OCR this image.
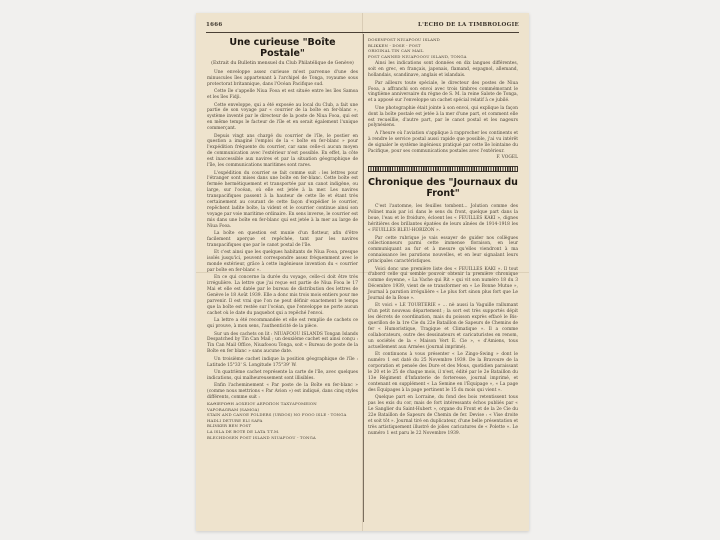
1666	L'ECHO DE LA TIMBROLOGIE
Une curieuse "Boîte Postale"
(Extrait du Bulletin mensuel du Club Philatélique de Genève)

Une enveloppe assez curieuse m'est parvenue d'une des minuscules îles appartenant à l'archipel de Tonga, royaume sous protectorat britannique, dans l'Océan Pacifique sud.

Cette île s'appelle Niua Fooa et est située entre les îles Samoa et les îles Fidji.

Cette enveloppe, qui a été exposée au local du Club, a fait une partie de son voyage par « courrier de la boîte en fer-blanc », système inventé par le directeur de la poste de Niua Fooa, qui est en même temps le facteur de l'île et en serait également l'unique commerçant.

Depuis vingt ans chargé du courrier de l'île, le postier en question a imaginé l'emploi de la « boîte en fer-blanc » pour l'expédition fréquente du courrier, car sans celle-ci aucun moyen de communication avec l'extérieur n'est possible. En effet, la côte est inaccessible aux navires et par la situation géographique de l'île, les communications maritimes sont rares.

L'expédition du courrier se fait comme suit : les lettres pour l'étranger sont mises dans une boîte en fer-blanc. Cette boîte est fermée hermétiquement et transportée par un canot indigène, ou large, sur l'océan, où elle est jetée à la mer. Les navires transpacifiques passent à la hauteur de cette île et étant très certainement au courant de cette façon d'expédier le courrier, repêchent ladite boîte, la vident et le courrier continue ainsi son voyage par voie maritime ordinaire. En sens inverse, le courrier est mis dans une boîte en fer-blanc qui est jetée à la mer au large de Niua Fooa.

La boîte en question est munie d'un flotteur, afin d'être facilement aperçue et repêchée, tant par les navires transpacifiques que par le canot postal de l'île.

Et c'est ainsi que les quelques habitants de Niua Fooa, presque isolés jusqu'ici, peuvent correspondre assez fréquemment avec le monde extérieur, grâce à cette ingénieuse invention du « courrier par boîte en fer-blanc ».

En ce qui concerne la durée du voyage, celle-ci doit être très irrégulière. La lettre que j'ai reçue est partie de Niua Fooa le 17 Mai et elle est datée par le bureau de distribution des lettres de Genève le 18 Août 1939. Elle a donc mis trois mois entiers pour me parvenir. Il est vrai que l'on ne peut définir exactement le temps que la boîte est restée sur l'océan, que l'enveloppe ne porte aucun cachet où le date du paquebot qui a repêché l'envoi.

La lettre a été recommandée et elle est remplie de cachets ce qui prouve, à mon sens, l'authenticité de la pièce.

Sur un des cachets on lit : NIUAFOOU ISLANDS Tongan Islands Despatched by Tin Can Mail ; un deuxième cachet est ainsi conçu : Tin Can Mail Office, Niuafooou Tonga, soit « Bureau de poste de la Boîte en fer blanc » sans aucune date.

Un troisième cachet indique la position géographique de l'île : Latitude 15°33' S. Longitude 175°39' W.

Un quatrième cachet représente la carte de l'île, avec quelques indications, qui malheureusement sont illisibles.

Enfin l'acheminement « Par poste de la Boîte en fer-blanc » (comme nous mettrions « Par Avion ») est indiqué, dans cinq styles différents, comme suit :

ΚΑΘΙΕΡΩΘΗ ΔΟΧΕΙΟΥ ΑΕΡΩΠΟΝ ΤΑΧΥΔΡΟΜΕΙΟΝ
VAPORAGRAM (SAMOA)
STAIN AND CANOE FOLDERS (URDOS) NO FOOO ISLE - TONGA
HADLI DETURE ELI SAPA
BLINKER BEN POST
LA ISLA DE BOTE DE LATA T.T.M.
BLECHDOSEN POST ISLAND NIUAFOOU - TONGA
DOSENPOST NIUAFOOU ISLAND
BLIKKEN - DOSE - POST
ORIGINAL TIN CAN MAIL
POST CANNED NIUAFOOOU ISLAND, TONGA

Ainsi les indications sont données en dix langues différentes, soit en grec, en français, japonais, flamand, espagnol, allemand, hollandais, scandinave, anglais et islandais.

Par ailleurs toute spéciale, le directeur des postes de Niua Fooa, a affranchi son envoi avec trois timbres commémorant le vingtième anniversaire du règne de S. M. la reine Salote de Tonga, et a apposé sur l'enveloppe un cachet spécial relatif à ce jubilé.

Une photographie était jointe à son envoi, qui explique la façon dont la boîte postale est jetée à la mer d'une part, et comment elle est recueillie, d'autre part, par le canot postal et les nageurs polynésiens.

A l'heure où l'aviation s'applique à rapprocher les continents et à rendre le service postal aussi rapide que possible, j'ai vu intérêt de signaler le système ingénieux pratiqué par cette île lointaine du Pacifique, pour ses communications postales avec l'extérieur.

F. VOGEL
Chronique des "Journaux du Front"

C'est l'automne, les feuilles tombent... Jolution comme des Polinet mais par ici dans le sens du front, quelque part dans la boue, l'eau et le froidure, écloent les « FEUILLES KAKI », dignes héritières des brillantes épatées de leurs aînées de 1914-1918 les « FEUILLES BLEU-HORIZON ».

Par cette rubrique je vais essayer de guider nos collègues collectionneurs parmi cette immense floraison, en leur communiquant au fur et à mesure qu'elles viendront à ma connaissance les parutions nouvelles, et en leur signalant leurs principales caractéristiques.

Voici donc une première liste des « FEUILLES KAKI ». Il tout d'abord celle qui semble pouvoir obtenir la première chronique comme doyenne, « La Vache qui Rit » qui vit son numéro 18 du 3 Décembre 1939, vient de se transformer en « Le Bonne Mutue », Journal à parution irrégulière « Le plus fort sinon plus fort que Le Journal de la Boue ».

Et voici « LE TOURTERIE » ... nè aussi la Vaguille rallumant d'un petit nouveau département ; la sort est très supportés dépit les décrets de coordination, mais du poisson exprès effacé le Bis-querillon de la 1re Cie du 22e Bataillon de Sapeurs de Chemins de fer « Humoristique, Tragique et Climatique ». Il a comme collaborateurs, outre des dessinateurs et caricaturistes en renom, un sociétés de la « Maison Vert E. Cie », « d'Amiens, tous actuellement aux Armées (journal imprimé).

Et continuons à vous présenter « Le Zingo-Swing » dont le numéro 1 est daté du 25 Novembre 1939. De la Bravoure de la corporation et pensée des Dure et des Mous, quotidien paraissant le 20 et le 25 de chaque mois, il n'est, édité par le 2e Bataillon du 13e Régiment d'Infanterie de forteresse, journal imprimé, et contenant en supplément « La Semine en l'Équipage », « La page des Équipages à la page pertinent le 15 du mois qui vient ».

Quelque part en Lorraine, du fond des bois retentissent tous pas les exis du cor, mais de fort intéressants échos publiés par « Le Sanglier du Saint-Hubert », organe du Front et de la 2e Cie du 22e Bataillon de Sapeurs de Chemin de fer. Devise : « Vise droite et soit tôt ». Journal tiré en duplicateur, d'une belle présentation et très artistiquement illustré de jolies caricatures de « Polette ». Le numéro 1 est paru le 22 Novembre 1939.
